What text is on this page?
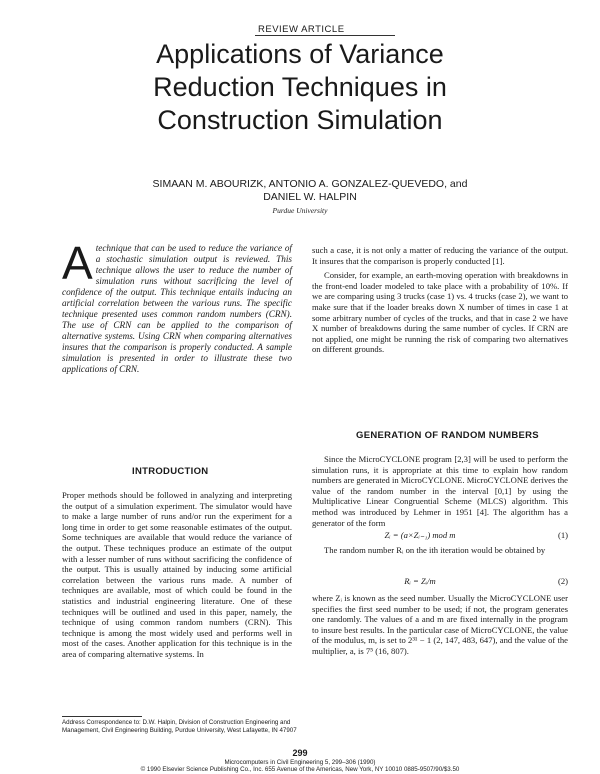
REVIEW ARTICLE
Applications of Variance
Reduction Techniques in
Construction Simulation
SIMAAN M. ABOURIZK, ANTONIO A. GONZALEZ-QUEVEDO, and
DANIEL W. HALPIN
Purdue University
Atechnique that can be used to reduce the variance of a stochastic simulation output is reviewed. This technique allows the user to reduce the number of simulation runs without sacrificing the level of confidence of the output. This technique entails inducing an artificial correlation between the various runs. The specific technique presented uses common random numbers (CRN). The use of CRN can be applied to the comparison of alternative systems. Using CRN when comparing alternatives insures that the comparison is properly conducted. A sample simulation is presented in order to illustrate these two applications of CRN.
INTRODUCTION

Proper methods should be followed in analyzing and interpreting the output of a simulation experiment. The simulator would have to make a large number of runs and/or run the experiment for a long time in order to get some reasonable estimates of the output. Some techniques are available that would reduce the variance of the output. These techniques produce an estimate of the output with a lesser number of runs without sacrificing the confidence of the output. This is usually attained by inducing some artificial correlation between the various runs made. A number of techniques are available, most of which could be found in the statistics and industrial engineering literature. One of these techniques will be outlined and used in this paper, namely, the technique of using common random numbers (CRN). This technique is among the most widely used and performs well in most of the cases. Another application for this technique is in the area of comparing alternative systems. In

such a case, it is not only a matter of reducing the variance of the output. It insures that the comparison is properly conducted [1].

Consider, for example, an earth-moving operation with breakdowns in the front-end loader modeled to take place with a probability of 10%. If we are comparing using 3 trucks (case 1) vs. 4 trucks (case 2), we want to make sure that if the loader breaks down X number of times in case 1 at some arbitrary number of cycles of the trucks, and that in case 2 we have X number of breakdowns during the same number of cycles. If CRN are not applied, one might be running the risk of comparing two alternatives on different grounds.

GENERATION OF RANDOM NUMBERS

Since the MicroCYCLONE program [2,3] will be used to perform the simulation runs, it is appropriate at this time to explain how random numbers are generated in MicroCYCLONE. MicroCYCLONE derives the value of the random number in the interval [0,1] by using the Multiplicative Linear Congruential Scheme (MLCS) algorithm. This method was introduced by Lehmer in 1951 [4]. The algorithm has a generator of the form

Zᵢ = (a×Zᵢ₋₁) mod m	(1)

The random number Rᵢ on the ith iteration would be obtained by

Rᵢ = Zᵢ/m	(2)

where Zᵢ is known as the seed number. Usually the MicroCYCLONE user specifies the first seed number to be used; if not, the program generates one randomly. The values of a and m are fixed internally in the program to insure best results. In the particular case of MicroCYCLONE, the value of the modulus, m, is set to 2³¹ − 1 (2, 147, 483, 647), and the value of the multiplier, a, is 7⁵ (16, 807).

Address Correspondence to: D.W. Halpin, Division of Construction Engineering and Management, Civil Engineering Building, Purdue University, West Lafayette, IN 47907
299
Microcomputers in Civil Engineering 5, 299–306 (1990)
© 1990 Elsevier Science Publishing Co., Inc. 655 Avenue of the Americas, New York, NY 10010 0885-9507/90/$3.50
